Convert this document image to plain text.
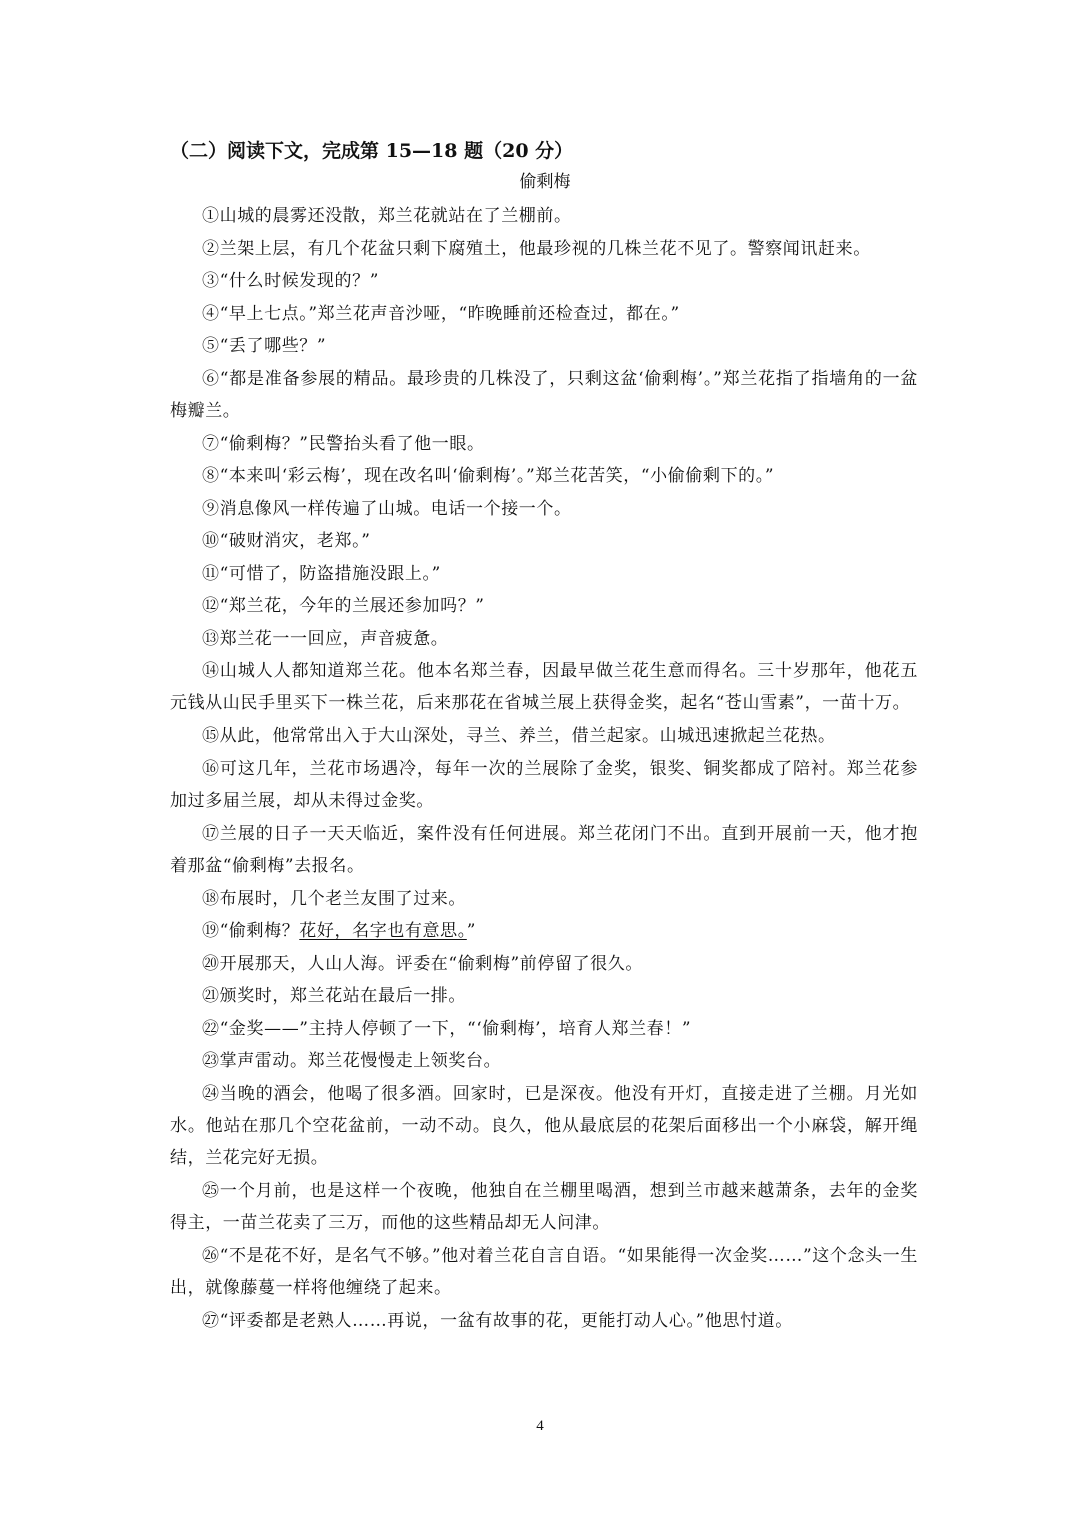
（二）阅读下文，完成第 15—18 题（20 分）
偷剩梅

①山城的晨雾还没散，郑兰花就站在了兰棚前。

②兰架上层，有几个花盆只剩下腐殖土，他最珍视的几株兰花不见了。警察闻讯赶来。

③“什么时候发现的？”

④“早上七点。”郑兰花声音沙哑，“昨晚睡前还检查过，都在。”

⑤“丢了哪些？”

⑥“都是准备参展的精品。最珍贵的几株没了，只剩这盆‘偷剩梅’。”郑兰花指了指墙角的一盆梅瓣兰。

⑦“偷剩梅？”民警抬头看了他一眼。

⑧“本来叫‘彩云梅’，现在改名叫‘偷剩梅’。”郑兰花苦笑，“小偷偷剩下的。”

⑨消息像风一样传遍了山城。电话一个接一个。

⑩“破财消灾，老郑。”

⑪“可惜了，防盗措施没跟上。”

⑫“郑兰花，今年的兰展还参加吗？”

⑬郑兰花一一回应，声音疲惫。

⑭山城人人都知道郑兰花。他本名郑兰春，因最早做兰花生意而得名。三十岁那年，他花五元钱从山民手里买下一株兰花，后来那花在省城兰展上获得金奖，起名“苍山雪素”，一苗十万。

⑮从此，他常常出入于大山深处，寻兰、养兰，借兰起家。山城迅速掀起兰花热。

⑯可这几年，兰花市场遇冷，每年一次的兰展除了金奖，银奖、铜奖都成了陪衬。郑兰花参加过多届兰展，却从未得过金奖。

⑰兰展的日子一天天临近，案件没有任何进展。郑兰花闭门不出。直到开展前一天，他才抱着那盆“偷剩梅”去报名。

⑱布展时，几个老兰友围了过来。

⑲“偷剩梅？花好，名字也有意思。”

⑳开展那天，人山人海。评委在“偷剩梅”前停留了很久。

㉑颁奖时，郑兰花站在最后一排。

㉒“金奖——”主持人停顿了一下，“‘偷剩梅’，培育人郑兰春！”

㉓掌声雷动。郑兰花慢慢走上领奖台。

㉔当晚的酒会，他喝了很多酒。回家时，已是深夜。他没有开灯，直接走进了兰棚。月光如水。他站在那几个空花盆前，一动不动。良久，他从最底层的花架后面移出一个小麻袋，解开绳结，兰花完好无损。

㉕一个月前，也是这样一个夜晚，他独自在兰棚里喝酒，想到兰市越来越萧条，去年的金奖得主，一苗兰花卖了三万，而他的这些精品却无人问津。

㉖“不是花不好，是名气不够。”他对着兰花自言自语。“如果能得一次金奖……”这个念头一生出，就像藤蔓一样将他缠绕了起来。

㉗“评委都是老熟人……再说，一盆有故事的花，更能打动人心。”他思忖道。

4
